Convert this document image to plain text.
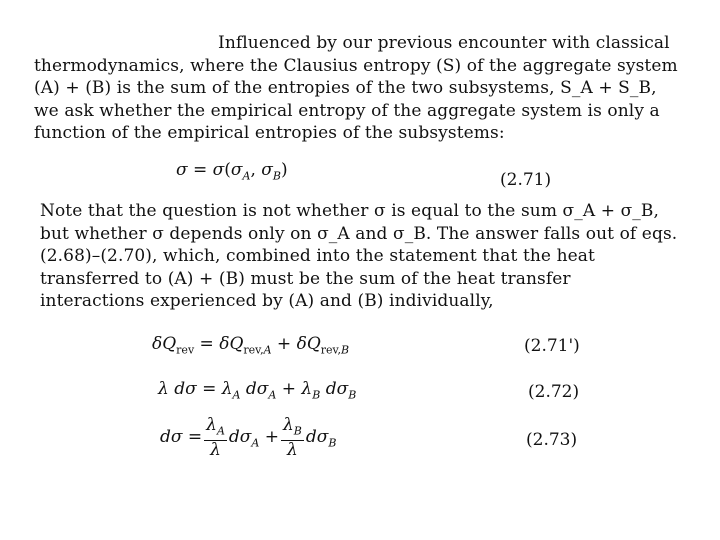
Influenced by our previous encounter with classical thermodynamics, where the Clausius entropy (S) of the aggregate system (A) + (B) is the sum of the entropies of the two subsystems, S_A + S_B, we ask whether the empirical entropy of the aggregate system is only a function of the empirical entropies of the subsystems:

$\sigma = \sigma(\sigma_A$, $\sigma_B$)	(2.71)

Note that the question is not whether σ is equal to the sum σ_A + σ_B, but whether σ depends only on σ_A and σ_B. The answer falls out of eqs. (2.68)–(2.70), which, combined into the statement that the heat transferred to (A) + (B) must be the sum of the heat transfer interactions experienced by (A) and (B) individually,

$\delta Q_{rev} = \delta Q_{rev,A} + \delta Q_{rev,B}$	(2.71')
λ $d\sigma = \lambda_A$ $d\sigma_A + \lambda_B$ $d\sigma_B$	(2.72)
$d\sigma = \frac{\lambda_A}{\lambda} d\sigma_A + \frac{\lambda_B}{\lambda} d\sigma_B$	(2.73)
